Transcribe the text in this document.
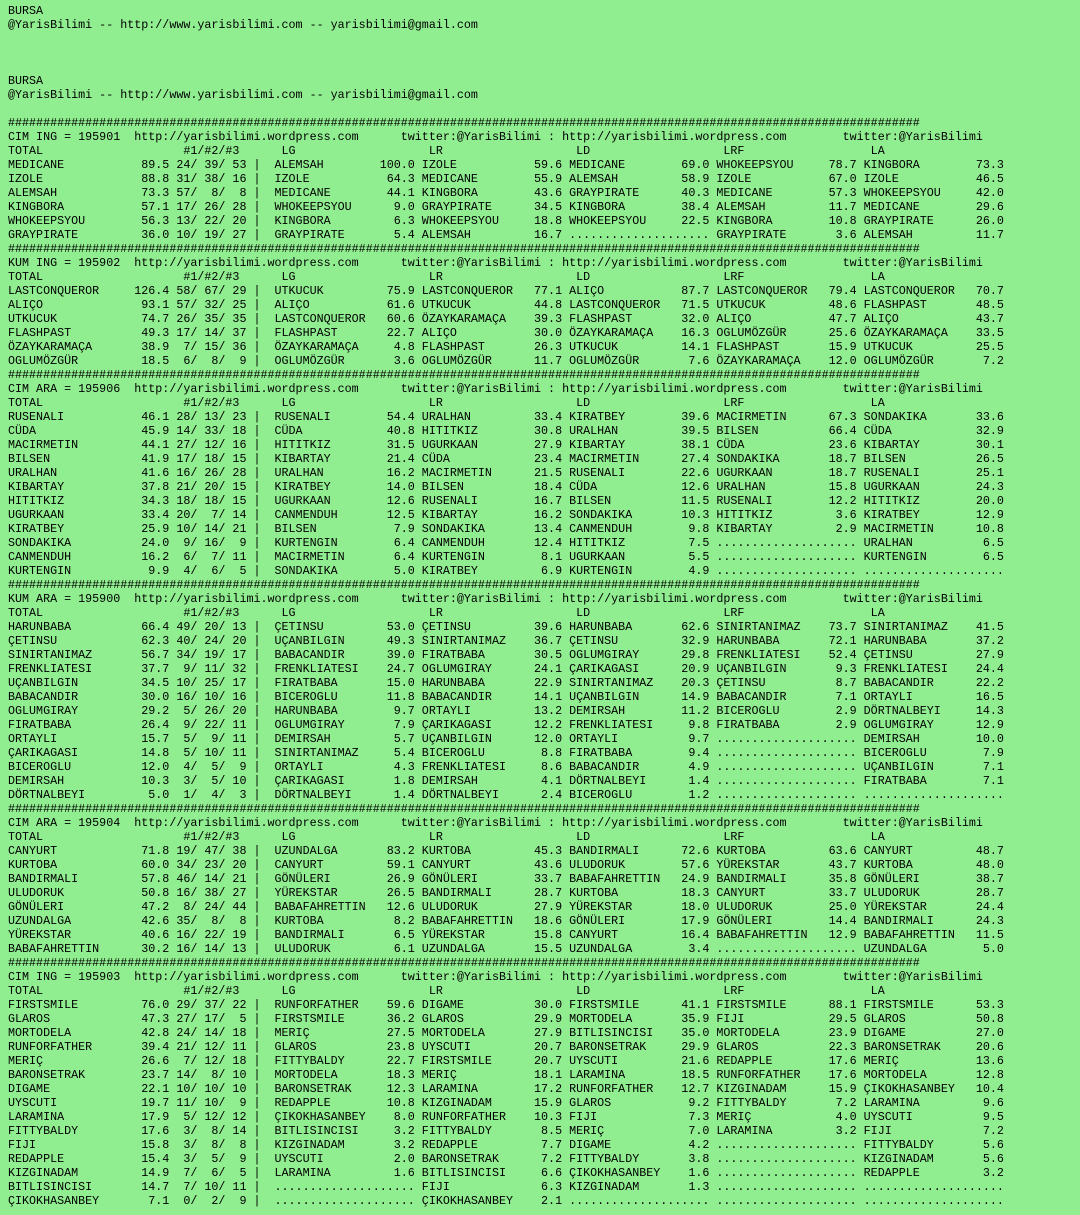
BURSA
@YarisBilimi -- http://www.yarisbilimi.com -- yarisbilimi@gmail.com
BURSA
@YarisBilimi -- http://www.yarisbilimi.com -- yarisbilimi@gmail.com
##################################################################################################################################
CIM ING = 195901  http://yarisbilimi.wordpress.com      twitter:@YarisBilimi : http://yarisbilimi.wordpress.com        twitter:@YarisBilimi
TOTAL                    #1/#2/#3      LG                   LR                   LD                   LRF                  LA
MEDICANE           89.5 24/ 39/ 53 |  ALEMSAH        100.0 IZOLE           59.6 MEDICANE        69.0 WHOKEEPSYOU     78.7 KINGBORA        73.3
IZOLE              88.8 31/ 38/ 16 |  IZOLE           64.3 MEDICANE        55.9 ALEMSAH         58.9 IZOLE           67.0 IZOLE           46.5
ALEMSAH            73.3 57/  8/  8 |  MEDICANE        44.1 KINGBORA        43.6 GRAYPIRATE      40.3 MEDICANE        57.3 WHOKEEPSYOU     42.0
KINGBORA           57.1 17/ 26/ 28 |  WHOKEEPSYOU      9.0 GRAYPIRATE      34.5 KINGBORA        38.4 ALEMSAH         11.7 MEDICANE        29.6
WHOKEEPSYOU        56.3 13/ 22/ 20 |  KINGBORA         6.3 WHOKEEPSYOU     18.8 WHOKEEPSYOU     22.5 KINGBORA        10.8 GRAYPIRATE      26.0
GRAYPIRATE         36.0 10/ 19/ 27 |  GRAYPIRATE       5.4 ALEMSAH         16.7 .................... GRAYPIRATE       3.6 ALEMSAH         11.7
##################################################################################################################################
KUM ING = 195902  http://yarisbilimi.wordpress.com      twitter:@YarisBilimi : http://yarisbilimi.wordpress.com        twitter:@YarisBilimi
TOTAL                    #1/#2/#3      LG                   LR                   LD                   LRF                  LA
LASTCONQUEROR     126.4 58/ 67/ 29 |  UTKUCUK         75.9 LASTCONQUEROR   77.1 ALIÇO           87.7 LASTCONQUEROR   79.4 LASTCONQUEROR   70.7
ALIÇO              93.1 57/ 32/ 25 |  ALIÇO           61.6 UTKUCUK         44.8 LASTCONQUEROR   71.5 UTKUCUK         48.6 FLASHPAST       48.5
UTKUCUK            74.7 26/ 35/ 35 |  LASTCONQUEROR   60.6 ÖZAYKARAMAÇA    39.3 FLASHPAST       32.0 ALIÇO           47.7 ALIÇO           43.7
FLASHPAST          49.3 17/ 14/ 37 |  FLASHPAST       22.7 ALIÇO           30.0 ÖZAYKARAMAÇA    16.3 OGLUMÖZGÜR      25.6 ÖZAYKARAMAÇA    33.5
ÖZAYKARAMAÇA       38.9  7/ 15/ 36 |  ÖZAYKARAMAÇA     4.8 FLASHPAST       26.3 UTKUCUK         14.1 FLASHPAST       15.9 UTKUCUK         25.5
OGLUMÖZGÜR         18.5  6/  8/  9 |  OGLUMÖZGÜR       3.6 OGLUMÖZGÜR      11.7 OGLUMÖZGÜR       7.6 ÖZAYKARAMAÇA    12.0 OGLUMÖZGÜR       7.2
##################################################################################################################################
CIM ARA = 195906  http://yarisbilimi.wordpress.com      twitter:@YarisBilimi : http://yarisbilimi.wordpress.com        twitter:@YarisBilimi
TOTAL                    #1/#2/#3      LG                   LR                   LD                   LRF                  LA
RUSENALI           46.1 28/ 13/ 23 |  RUSENALI        54.4 URALHAN         33.4 KIRATBEY        39.6 MACIRMETIN      67.3 SONDAKIKA       33.6
CÜDA               45.9 14/ 33/ 18 |  CÜDA            40.8 HITITKIZ        30.8 URALHAN         39.5 BILSEN          66.4 CÜDA            32.9
MACIRMETIN         44.1 27/ 12/ 16 |  HITITKIZ        31.5 UGURKAAN        27.9 KIBARTAY        38.1 CÜDA            23.6 KIBARTAY        30.1
BILSEN             41.9 17/ 18/ 15 |  KIBARTAY        21.4 CÜDA            23.4 MACIRMETIN      27.4 SONDAKIKA       18.7 BILSEN          26.5
URALHAN            41.6 16/ 26/ 28 |  URALHAN         16.2 MACIRMETIN      21.5 RUSENALI        22.6 UGURKAAN        18.7 RUSENALI        25.1
KIBARTAY           37.8 21/ 20/ 15 |  KIRATBEY        14.0 BILSEN          18.4 CÜDA            12.6 URALHAN         15.8 UGURKAAN        24.3
HITITKIZ           34.3 18/ 18/ 15 |  UGURKAAN        12.6 RUSENALI        16.7 BILSEN          11.5 RUSENALI        12.2 HITITKIZ        20.0
UGURKAAN           33.4 20/  7/ 14 |  CANMENDUH       12.5 KIBARTAY        16.2 SONDAKIKA       10.3 HITITKIZ         3.6 KIRATBEY        12.9
KIRATBEY           25.9 10/ 14/ 21 |  BILSEN           7.9 SONDAKIKA       13.4 CANMENDUH        9.8 KIBARTAY         2.9 MACIRMETIN      10.8
SONDAKIKA          24.0  9/ 16/  9 |  KURTENGIN        6.4 CANMENDUH       12.4 HITITKIZ         7.5 .................... URALHAN          6.5
CANMENDUH          16.2  6/  7/ 11 |  MACIRMETIN       6.4 KURTENGIN        8.1 UGURKAAN         5.5 .................... KURTENGIN        6.5
KURTENGIN           9.9  4/  6/  5 |  SONDAKIKA        5.0 KIRATBEY         6.9 KURTENGIN        4.9 .................... ....................
##################################################################################################################################
KUM ARA = 195900  http://yarisbilimi.wordpress.com      twitter:@YarisBilimi : http://yarisbilimi.wordpress.com        twitter:@YarisBilimi
TOTAL                    #1/#2/#3      LG                   LR                   LD                   LRF                  LA
HARUNBABA          66.4 49/ 20/ 13 |  ÇETINSU         53.0 ÇETINSU         39.6 HARUNBABA       62.6 SINIRTANIMAZ    73.7 SINIRTANIMAZ    41.5
ÇETINSU            62.3 40/ 24/ 20 |  UÇANBILGIN      49.3 SINIRTANIMAZ    36.7 ÇETINSU         32.9 HARUNBABA       72.1 HARUNBABA       37.2
SINIRTANIMAZ       56.7 34/ 19/ 17 |  BABACANDIR      39.0 FIRATBABA       30.5 OGLUMGIRAY      29.8 FRENKLIATESI    52.4 ÇETINSU         27.9
FRENKLIATESI       37.7  9/ 11/ 32 |  FRENKLIATESI    24.7 OGLUMGIRAY      24.1 ÇARIKAGASI      20.9 UÇANBILGIN       9.3 FRENKLIATESI    24.4
UÇANBILGIN         34.5 10/ 25/ 17 |  FIRATBABA       15.0 HARUNBABA       22.9 SINIRTANIMAZ    20.3 ÇETINSU          8.7 BABACANDIR      22.2
BABACANDIR         30.0 16/ 10/ 16 |  BICEROGLU       11.8 BABACANDIR      14.1 UÇANBILGIN      14.9 BABACANDIR       7.1 ORTAYLI         16.5
OGLUMGIRAY         29.2  5/ 26/ 20 |  HARUNBABA        9.7 ORTAYLI         13.2 DEMIRSAH        11.2 BICEROGLU        2.9 DÖRTNALBEYI     14.3
FIRATBABA          26.4  9/ 22/ 11 |  OGLUMGIRAY       7.9 ÇARIKAGASI      12.2 FRENKLIATESI     9.8 FIRATBABA        2.9 OGLUMGIRAY      12.9
ORTAYLI            15.7  5/  9/ 11 |  DEMIRSAH         5.7 UÇANBILGIN      12.0 ORTAYLI          9.7 .................... DEMIRSAH        10.0
ÇARIKAGASI         14.8  5/ 10/ 11 |  SINIRTANIMAZ     5.4 BICEROGLU        8.8 FIRATBABA        9.4 .................... BICEROGLU        7.9
BICEROGLU          12.0  4/  5/  9 |  ORTAYLI          4.3 FRENKLIATESI     8.6 BABACANDIR       4.9 .................... UÇANBILGIN       7.1
DEMIRSAH           10.3  3/  5/ 10 |  ÇARIKAGASI       1.8 DEMIRSAH         4.1 DÖRTNALBEYI      1.4 .................... FIRATBABA        7.1
DÖRTNALBEYI         5.0  1/  4/  3 |  DÖRTNALBEYI      1.4 DÖRTNALBEYI      2.4 BICEROGLU        1.2 .................... ....................
##################################################################################################################################
CIM ARA = 195904  http://yarisbilimi.wordpress.com      twitter:@YarisBilimi : http://yarisbilimi.wordpress.com        twitter:@YarisBilimi
TOTAL                    #1/#2/#3      LG                   LR                   LD                   LRF                  LA
CANYURT            71.8 19/ 47/ 38 |  UZUNDALGA       83.2 KURTOBA         45.3 BANDIRMALI      72.6 KURTOBA         63.6 CANYURT         48.7
KURTOBA            60.0 34/ 23/ 20 |  CANYURT         59.1 CANYURT         43.6 ULUDORUK        57.6 YÜREKSTAR       43.7 KURTOBA         48.0
BANDIRMALI         57.8 46/ 14/ 21 |  GÖNÜLERI        26.9 GÖNÜLERI        33.7 BABAFAHRETTIN   24.9 BANDIRMALI      35.8 GÖNÜLERI        38.7
ULUDORUK           50.8 16/ 38/ 27 |  YÜREKSTAR       26.5 BANDIRMALI      28.7 KURTOBA         18.3 CANYURT         33.7 ULUDORUK        28.7
GÖNÜLERI           47.2  8/ 24/ 44 |  BABAFAHRETTIN   12.6 ULUDORUK        27.9 YÜREKSTAR       18.0 ULUDORUK        25.0 YÜREKSTAR       24.4
UZUNDALGA          42.6 35/  8/  8 |  KURTOBA          8.2 BABAFAHRETTIN   18.6 GÖNÜLERI        17.9 GÖNÜLERI        14.4 BANDIRMALI      24.3
YÜREKSTAR          40.6 16/ 22/ 19 |  BANDIRMALI       6.5 YÜREKSTAR       15.8 CANYURT         16.4 BABAFAHRETTIN   12.9 BABAFAHRETTIN   11.5
BABAFAHRETTIN      30.2 16/ 14/ 13 |  ULUDORUK         6.1 UZUNDALGA       15.5 UZUNDALGA        3.4 .................... UZUNDALGA        5.0
##################################################################################################################################
CIM ING = 195903  http://yarisbilimi.wordpress.com      twitter:@YarisBilimi : http://yarisbilimi.wordpress.com        twitter:@YarisBilimi
TOTAL                    #1/#2/#3      LG                   LR                   LD                   LRF                  LA
FIRSTSMILE         76.0 29/ 37/ 22 |  RUNFORFATHER    59.6 DIGAME          30.0 FIRSTSMILE      41.1 FIRSTSMILE      88.1 FIRSTSMILE      53.3
GLAROS             47.3 27/ 17/  5 |  FIRSTSMILE      36.2 GLAROS          29.9 MORTODELA       35.9 FIJI            29.5 GLAROS          50.8
MORTODELA          42.8 24/ 14/ 18 |  MERIÇ           27.5 MORTODELA       27.9 BITLISINCISI    35.0 MORTODELA       23.9 DIGAME          27.0
RUNFORFATHER       39.4 21/ 12/ 11 |  GLAROS          23.8 UYSCUTI         20.7 BARONSETRAK     29.9 GLAROS          22.3 BARONSETRAK     20.6
MERIÇ              26.6  7/ 12/ 18 |  FITTYBALDY      22.7 FIRSTSMILE      20.7 UYSCUTI         21.6 REDAPPLE        17.6 MERIÇ           13.6
BARONSETRAK        23.7 14/  8/ 10 |  MORTODELA       18.3 MERIÇ           18.1 LARAMINA        18.5 RUNFORFATHER    17.6 MORTODELA       12.8
DIGAME             22.1 10/ 10/ 10 |  BARONSETRAK     12.3 LARAMINA        17.2 RUNFORFATHER    12.7 KIZGINADAM      15.9 ÇIKOKHASANBEY   10.4
UYSCUTI            19.7 11/ 10/  9 |  REDAPPLE        10.8 KIZGINADAM      15.9 GLAROS           9.2 FITTYBALDY       7.2 LARAMINA         9.6
LARAMINA           17.9  5/ 12/ 12 |  ÇIKOKHASANBEY    8.0 RUNFORFATHER    10.3 FIJI             7.3 MERIÇ            4.0 UYSCUTI          9.5
FITTYBALDY         17.6  3/  8/ 14 |  BITLISINCISI     3.2 FITTYBALDY       8.5 MERIÇ            7.0 LARAMINA         3.2 FIJI             7.2
FIJI               15.8  3/  8/  8 |  KIZGINADAM       3.2 REDAPPLE         7.7 DIGAME           4.2 .................... FITTYBALDY       5.6
REDAPPLE           15.4  3/  5/  9 |  UYSCUTI          2.0 BARONSETRAK      7.2 FITTYBALDY       3.8 .................... KIZGINADAM       5.6
KIZGINADAM         14.9  7/  6/  5 |  LARAMINA         1.6 BITLISINCISI     6.6 ÇIKOKHASANBEY    1.6 .................... REDAPPLE         3.2
BITLISINCISI       14.7  7/ 10/ 11 |  .................... FIJI             6.3 KIZGINADAM       1.3 .................... ....................
ÇIKOKHASANBEY       7.1  0/  2/  9 |  .................... ÇIKOKHASANBEY    2.1 .................... .................... ....................
